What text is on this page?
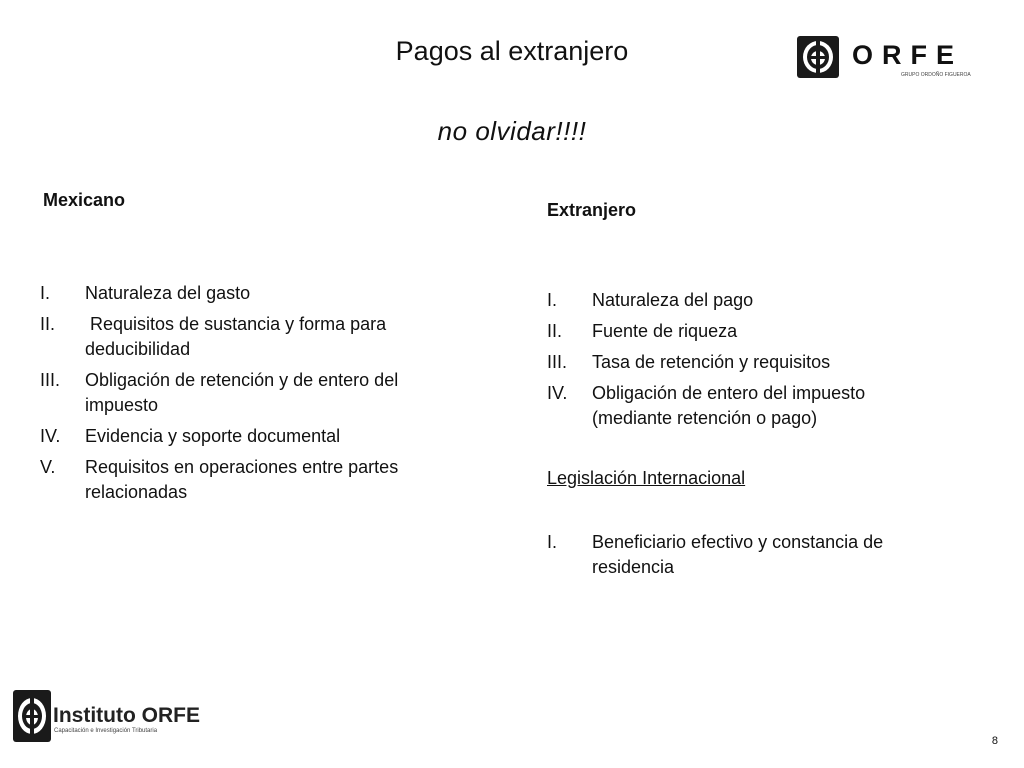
Pagos al extranjero	ORFE
GRUPO ORDOÑO FIGUEROA
no olvidar!!!!
Mexicano	Extranjero
I. Naturaleza del gasto
II. Requisitos de sustancia y forma para deducibilidad
III. Obligación de retención y de entero del impuesto
IV. Evidencia y soporte documental
V. Requisitos en operaciones entre partes relacionadas
I. Naturaleza del pago
II. Fuente de riqueza
III. Tasa de retención y requisitos
IV. Obligación de entero del impuesto (mediante retención o pago)
Legislación Internacional
I. Beneficiario efectivo y constancia de residencia
Instituto ORFE
Capacitación e Investigación Tributaria
8
